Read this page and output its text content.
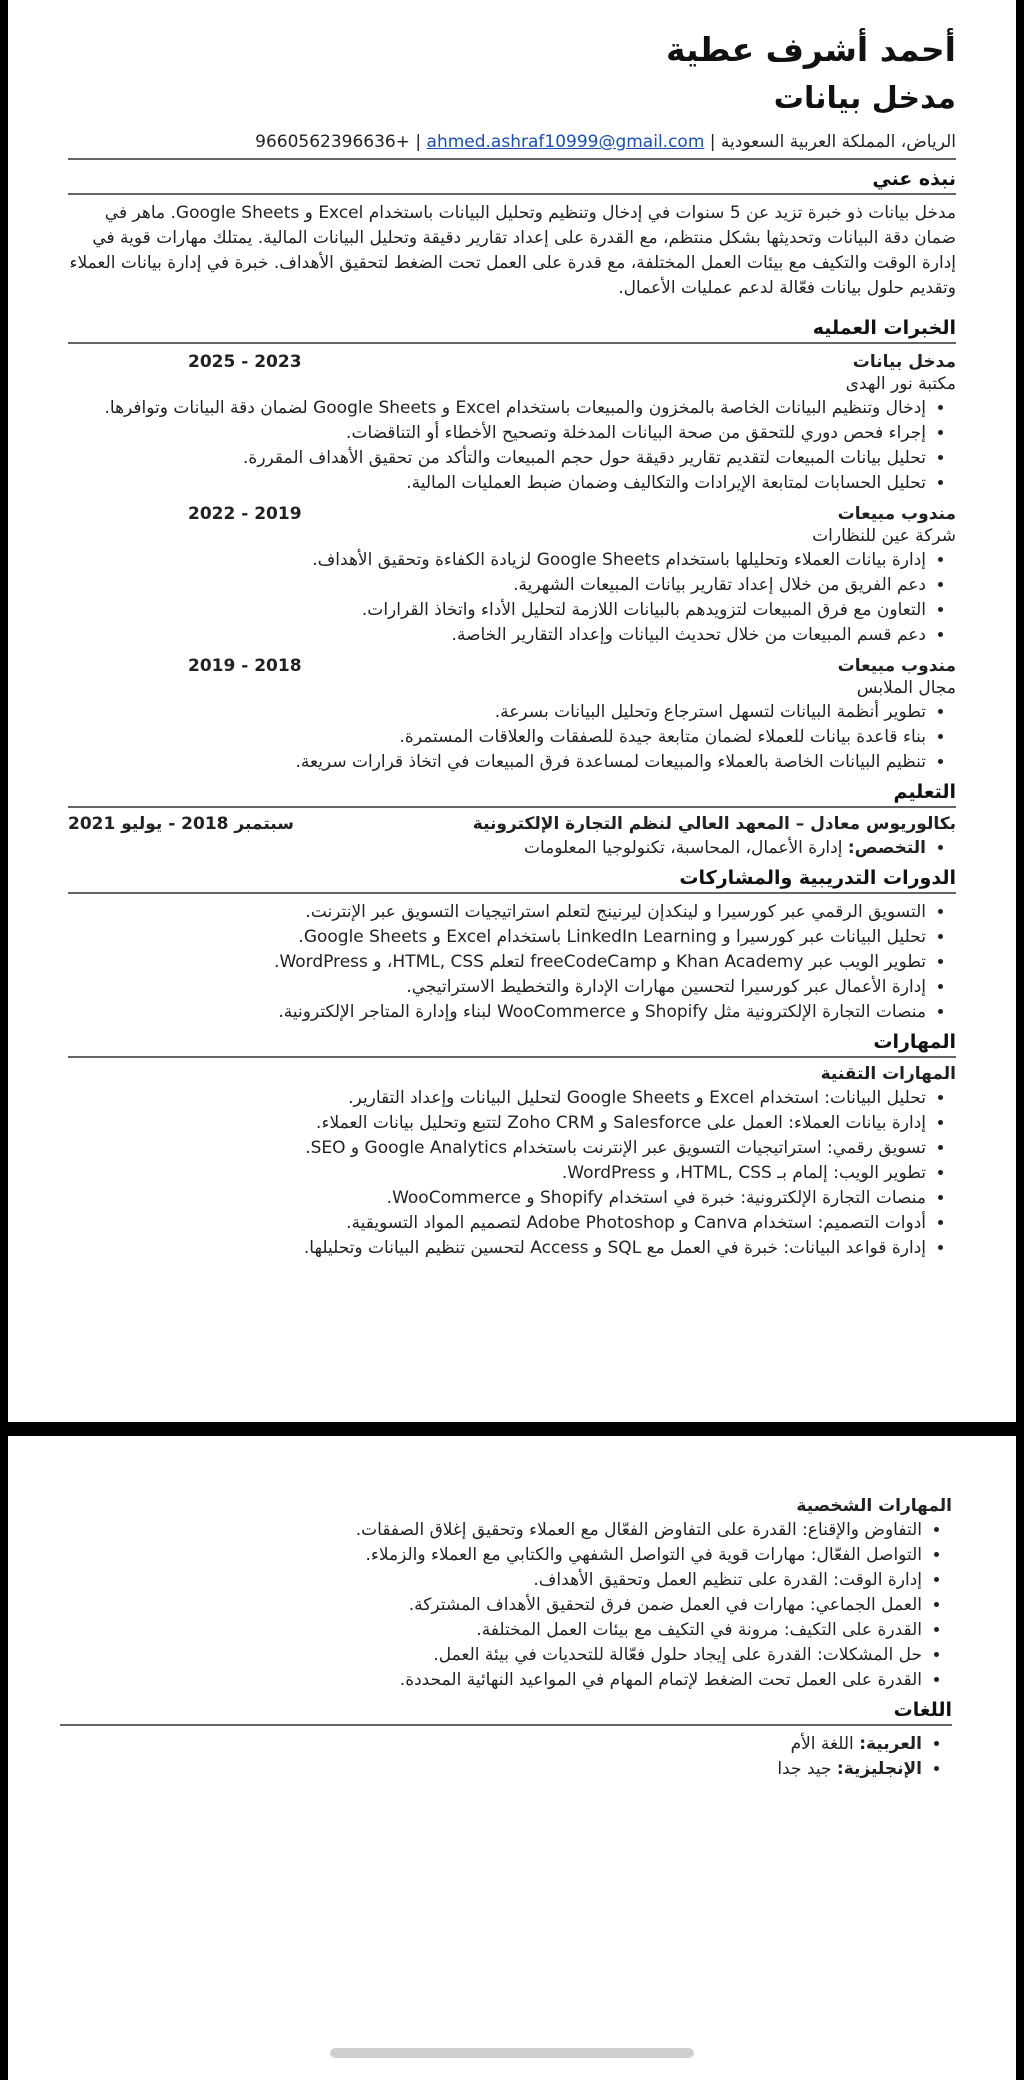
أحمد أشرف عطية
مدخل بيانات
الرياض، المملكة العربية السعودية | 966056239663‪6+ | ahmed.ashraf10999@gmail.com
نبذه عني

مدخل بيانات ذو خبرة تزيد عن 5 سنوات في إدخال وتنظيم وتحليل البيانات باستخدام Excel و Google Sheets. ماهر في ضمان دقة البيانات وتحديثها بشكل منتظم، مع القدرة على إعداد تقارير دقيقة وتحليل البيانات المالية. يمتلك مهارات قوية في إدارة الوقت والتكيف مع بيئات العمل المختلفة، مع قدرة على العمل تحت الضغط لتحقيق الأهداف. خبرة في إدارة بيانات العملاء وتقديم حلول بيانات فعّالة لدعم عمليات الأعمال.

الخبرات العمليه
مدخل بيانات
2025 - 2023
مكتبة نور الهدى
• إدخال وتنظيم البيانات الخاصة بالمخزون والمبيعات باستخدام Excel و Google Sheets لضمان دقة البيانات وتوافرها.
• إجراء فحص دوري للتحقق من صحة البيانات المدخلة وتصحيح الأخطاء أو التناقضات.
• تحليل بيانات المبيعات لتقديم تقارير دقيقة حول حجم المبيعات والتأكد من تحقيق الأهداف المقررة.
• تحليل الحسابات لمتابعة الإيرادات والتكاليف وضمان ضبط العمليات المالية.
مندوب مبيعات
2022 - 2019
شركة عين للنظارات
• إدارة بيانات العملاء وتحليلها باستخدام Google Sheets لزيادة الكفاءة وتحقيق الأهداف.
• دعم الفريق من خلال إعداد تقارير بيانات المبيعات الشهرية.
• التعاون مع فرق المبيعات لتزويدهم بالبيانات اللازمة لتحليل الأداء واتخاذ القرارات.
• دعم قسم المبيعات من خلال تحديث البيانات وإعداد التقارير الخاصة.
مندوب مبيعات
2019 - 2018
مجال الملابس
• تطوير أنظمة البيانات لتسهل استرجاع وتحليل البيانات بسرعة.
• بناء قاعدة بيانات للعملاء لضمان متابعة جيدة للصفقات والعلاقات المستمرة.
• تنظيم البيانات الخاصة بالعملاء والمبيعات لمساعدة فرق المبيعات في اتخاذ قرارات سريعة.
التعليم
بكالوريوس معادل – المعهد العالي لنظم التجارة الإلكترونية
سبتمبر 2018 - يوليو 2021
• التخصص: إدارة الأعمال، المحاسبة، تكنولوجيا المعلومات
الدورات التدريبية والمشاركات
• التسويق الرقمي عبر كورسيرا و لينكدإن ليرنينج لتعلم استراتيجيات التسويق عبر الإنترنت.
• تحليل البيانات عبر كورسيرا و LinkedIn Learning باستخدام Excel و Google Sheets.
• تطوير الويب عبر Khan Academy و freeCodeCamp لتعلم HTML, CSS، و WordPress.
• إدارة الأعمال عبر كورسيرا لتحسين مهارات الإدارة والتخطيط الاستراتيجي.
• منصات التجارة الإلكترونية مثل Shopify و WooCommerce لبناء وإدارة المتاجر الإلكترونية.
المهارات
المهارات التقنية
• تحليل البيانات: استخدام Excel و Google Sheets لتحليل البيانات وإعداد التقارير.
• إدارة بيانات العملاء: العمل على Salesforce و Zoho CRM لتتبع وتحليل بيانات العملاء.
• تسويق رقمي: استراتيجيات التسويق عبر الإنترنت باستخدام Google Analytics و SEO.
• تطوير الويب: إلمام بـ HTML, CSS، و WordPress.
• منصات التجارة الإلكترونية: خبرة في استخدام Shopify و WooCommerce.
• أدوات التصميم: استخدام Canva و Adobe Photoshop لتصميم المواد التسويقية.
• إدارة قواعد البيانات: خبرة في العمل مع SQL و Access لتحسين تنظيم البيانات وتحليلها.
المهارات الشخصية
• التفاوض والإقناع: القدرة على التفاوض الفعّال مع العملاء وتحقيق إغلاق الصفقات.
• التواصل الفعّال: مهارات قوية في التواصل الشفهي والكتابي مع العملاء والزملاء.
• إدارة الوقت: القدرة على تنظيم العمل وتحقيق الأهداف.
• العمل الجماعي: مهارات في العمل ضمن فرق لتحقيق الأهداف المشتركة.
• القدرة على التكيف: مرونة في التكيف مع بيئات العمل المختلفة.
• حل المشكلات: القدرة على إيجاد حلول فعّالة للتحديات في بيئة العمل.
• القدرة على العمل تحت الضغط لإتمام المهام في المواعيد النهائية المحددة.
اللغات
• العربية: اللغة الأم
• الإنجليزية: جيد جدا
